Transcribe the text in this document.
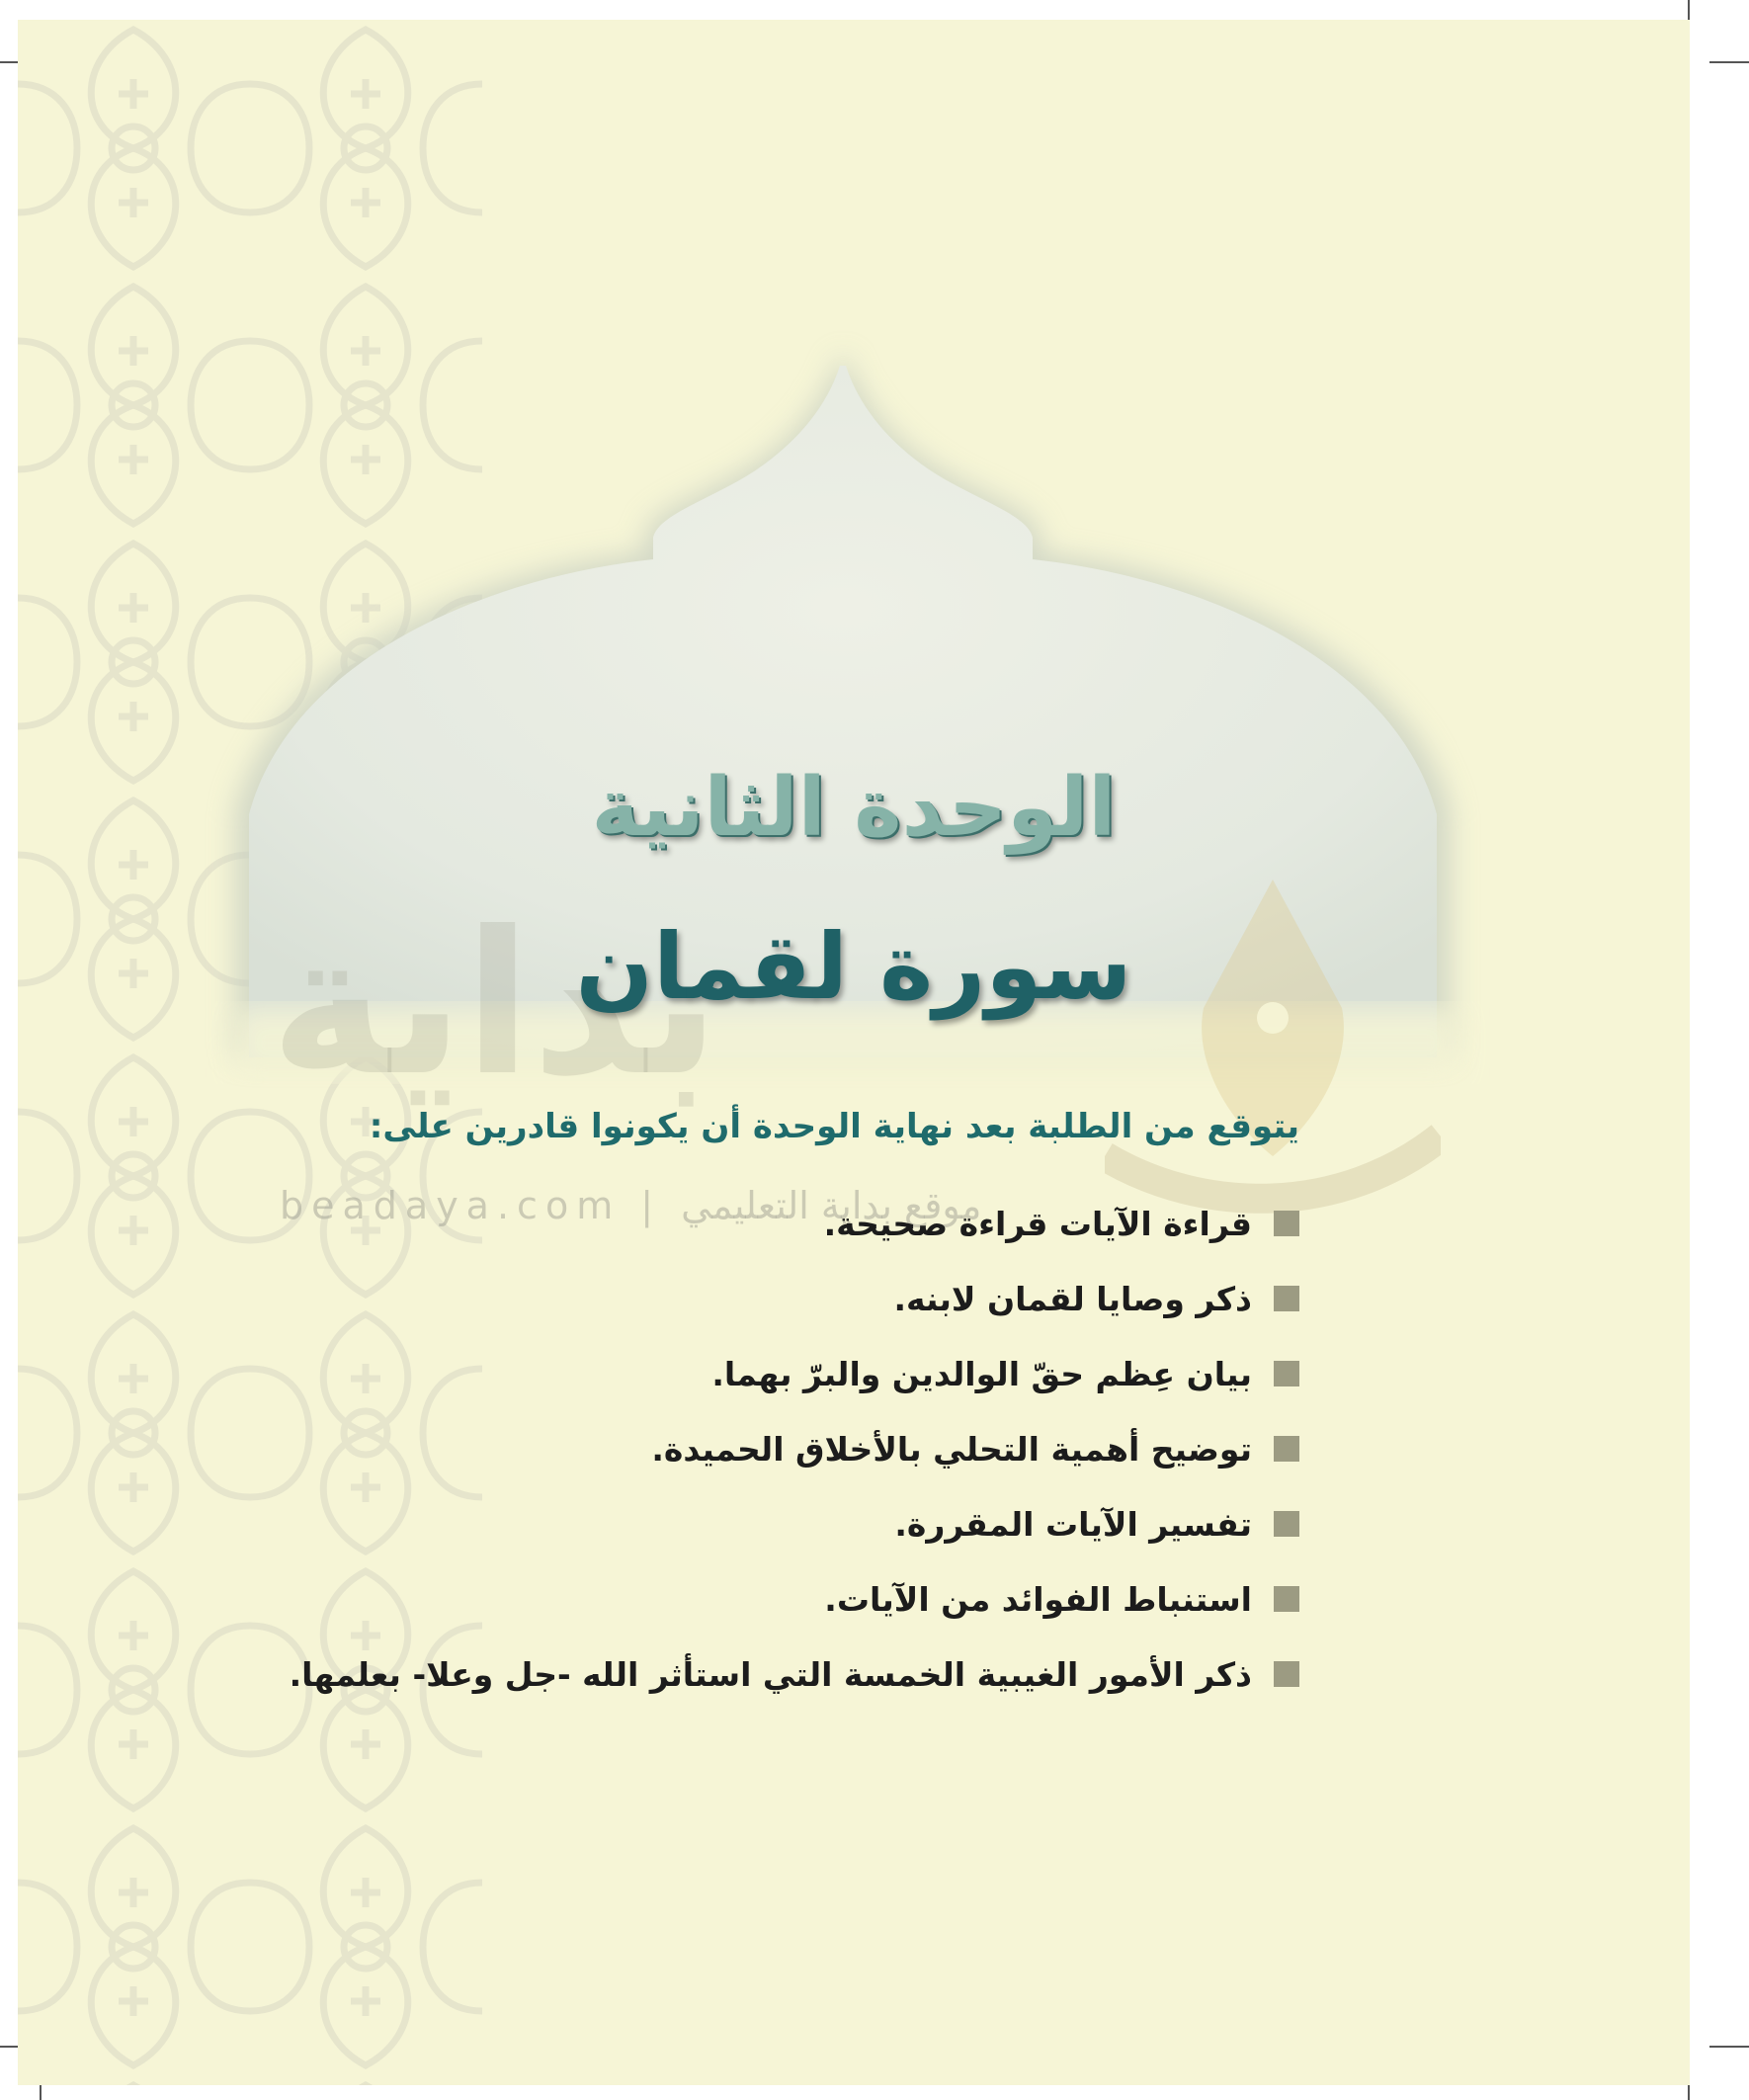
بداية
beadaya.com | موقع بداية التعليمي
الوحدة الثانية
سورة لقمان
يتوقع من الطلبة بعد نهاية الوحدة أن يكونوا قادرين على:
قراءة الآيات قراءة صحيحة.
ذكر وصايا لقمان لابنه.
بيان عِظم حقّ الوالدين والبرّ بهما.
توضيح أهمية التحلي بالأخلاق الحميدة.
تفسير الآيات المقررة.
استنباط الفوائد من الآيات.
ذكر الأمور الغيبية الخمسة التي استأثر الله -جل وعلا- بعلمها.
